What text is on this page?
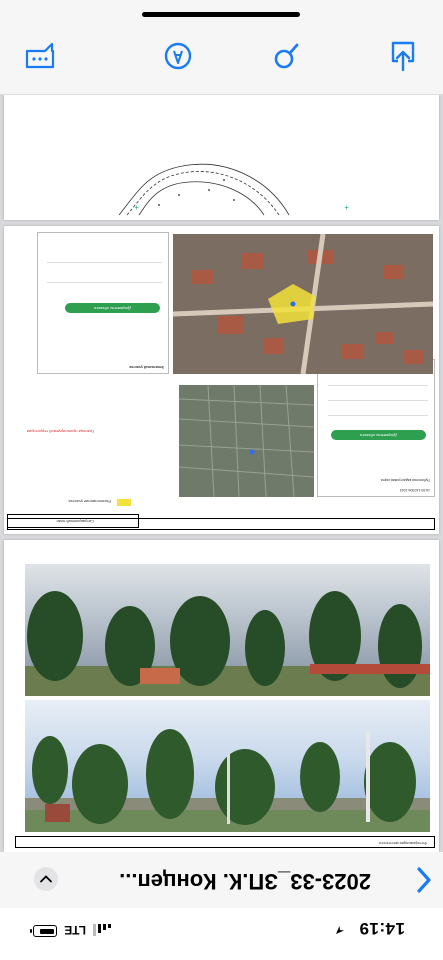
14:19
LTE
2023-33_ЗП.К. Концеп...
Фотофиксация местности
16:50:140306:1043
Публичная кадастровая карта
Документы объекта
Земельный участок
Документы объекта
Ситуационный план
Расположение участка
Граница проектируемой территории
+
+
